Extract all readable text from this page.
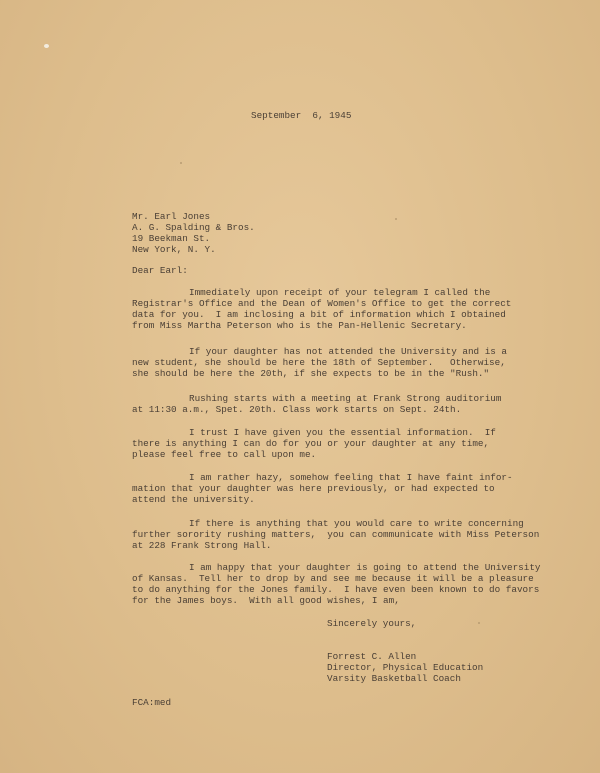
September  6, 1945
Mr. Earl Jones
A. G. Spalding & Bros.
19 Beekman St.
New York, N. Y.
Dear Earl:
Immediately upon receipt of your telegram I called the
Registrar's Office and the Dean of Women's Office to get the correct
data for you.  I am inclosing a bit of information which I obtained
from Miss Martha Peterson who is the Pan-Hellenic Secretary.
If your daughter has not attended the University and is a
new student, she should be here the 18th of September.   Otherwise,
she should be here the 20th, if she expects to be in the "Rush."
Rushing starts with a meeting at Frank Strong auditorium
at 11:30 a.m., Spet. 20th. Class work starts on Sept. 24th.
I trust I have given you the essential information.  If
there is anything I can do for you or your daughter at any time,
please feel free to call upon me.
I am rather hazy, somehow feeling that I have faint infor-
mation that your daughter was here previously, or had expected to
attend the university.
If there is anything that you would care to write concerning
further sorority rushing matters,  you can communicate with Miss Peterson
at 228 Frank Strong Hall.
I am happy that your daughter is going to attend the University
of Kansas.  Tell her to drop by and see me because it will be a pleasure
to do anything for the Jones family.  I have even been known to do favors
for the James boys.  With all good wishes, I am,
Sincerely yours,
Forrest C. Allen
Director, Physical Education
Varsity Basketball Coach
FCA:med
